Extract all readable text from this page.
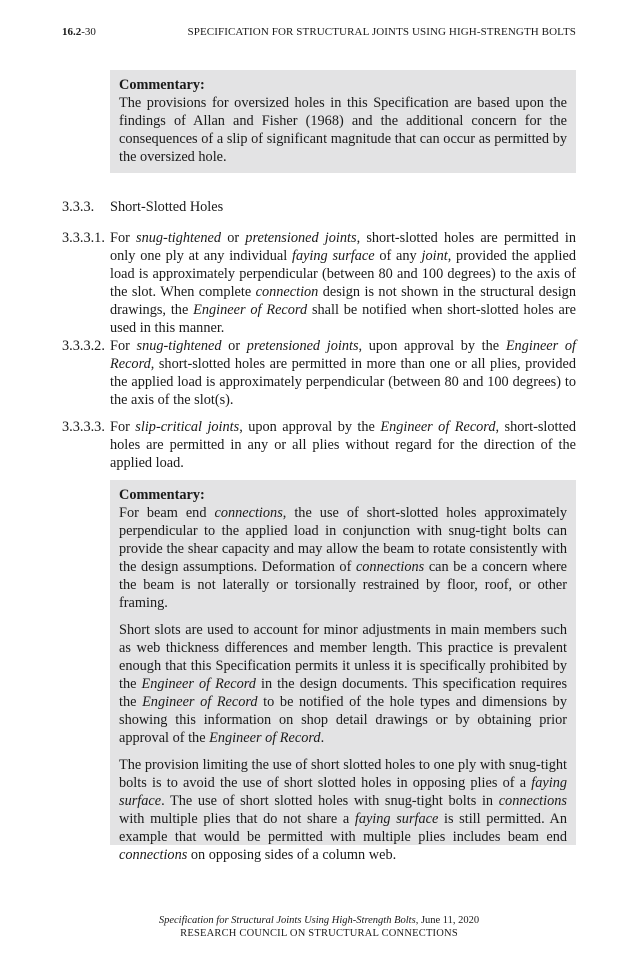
16.2-30	SPECIFICATION FOR STRUCTURAL JOINTS USING HIGH-STRENGTH BOLTS
Commentary:

The provisions for oversized holes in this Specification are based upon the findings of Allan and Fisher (1968) and the additional concern for the consequences of a slip of significant magnitude that can occur as permitted by the oversized hole.

3.3.3. Short-Slotted Holes
3.3.3.1. For snug-tightened or pretensioned joints, short-slotted holes are permitted in only one ply at any individual faying surface of any joint, provided the applied load is approximately perpendicular (between 80 and 100 degrees) to the axis of the slot. When complete connection design is not shown in the structural design drawings, the Engineer of Record shall be notified when short-slotted holes are used in this manner.
3.3.3.2. For snug-tightened or pretensioned joints, upon approval by the Engineer of Record, short-slotted holes are permitted in more than one or all plies, provided the applied load is approximately perpendicular (between 80 and 100 degrees) to the axis of the slot(s).
3.3.3.3. For slip-critical joints, upon approval by the Engineer of Record, short-slotted holes are permitted in any or all plies without regard for the direction of the applied load.
Commentary:

For beam end connections, the use of short-slotted holes approximately perpendicular to the applied load in conjunction with snug-tight bolts can provide the shear capacity and may allow the beam to rotate consistently with the design assumptions. Deformation of connections can be a concern where the beam is not laterally or torsionally restrained by floor, roof, or other framing.

Short slots are used to account for minor adjustments in main members such as web thickness differences and member length. This practice is prevalent enough that this Specification permits it unless it is specifically prohibited by the Engineer of Record in the design documents. This specification requires the Engineer of Record to be notified of the hole types and dimensions by showing this information on shop detail drawings or by obtaining prior approval of the Engineer of Record.

The provision limiting the use of short slotted holes to one ply with snug-tight bolts is to avoid the use of short slotted holes in opposing plies of a faying surface. The use of short slotted holes with snug-tight bolts in connections with multiple plies that do not share a faying surface is still permitted. An example that would be permitted with multiple plies includes beam end connections on opposing sides of a column web.

Specification for Structural Joints Using High-Strength Bolts, June 11, 2020
RESEARCH COUNCIL ON STRUCTURAL CONNECTIONS
